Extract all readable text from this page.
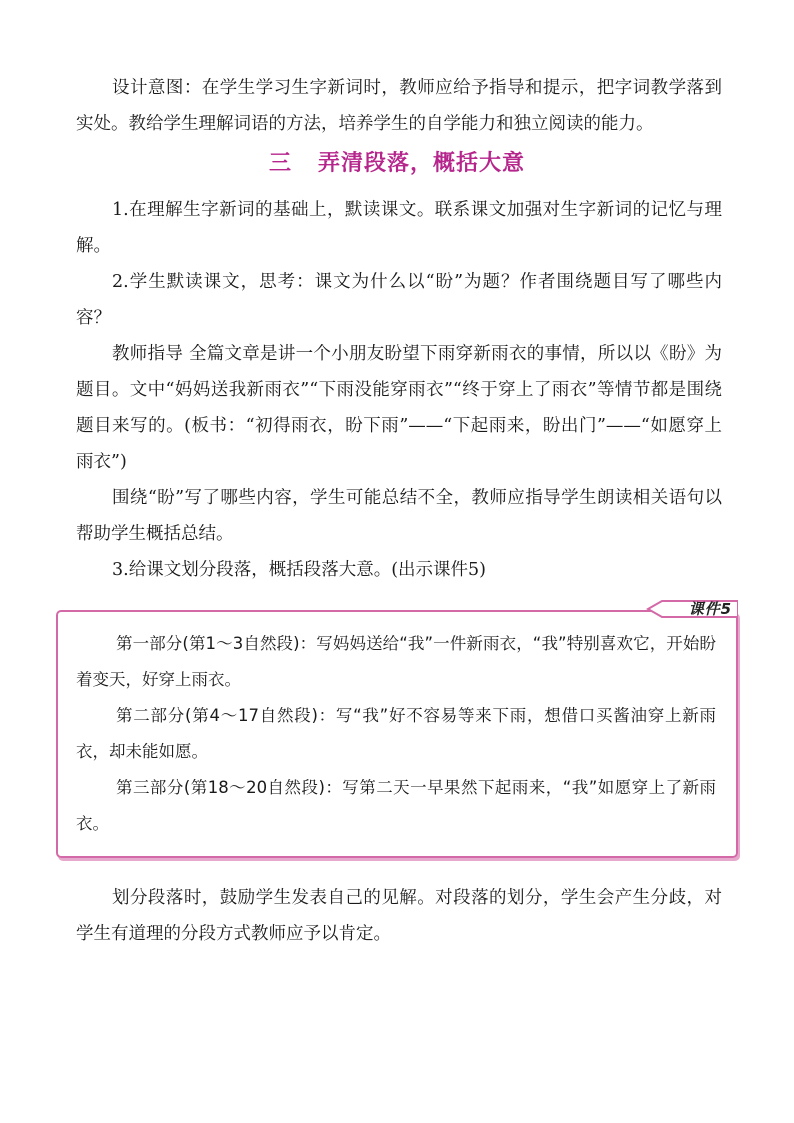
设计意图：在学生学习生字新词时，教师应给予指导和提示，把字词教学落到实处。教给学生理解词语的方法，培养学生的自学能力和独立阅读的能力。

三 弄清段落，概括大意

1.在理解生字新词的基础上，默读课文。联系课文加强对生字新词的记忆与理解。

2.学生默读课文，思考：课文为什么以“盼”为题？作者围绕题目写了哪些内容？

教师指导 全篇文章是讲一个小朋友盼望下雨穿新雨衣的事情，所以以《盼》为题目。文中“妈妈送我新雨衣”“下雨没能穿雨衣”“终于穿上了雨衣”等情节都是围绕题目来写的。(板书：“初得雨衣，盼下雨”——“下起雨来，盼出门”——“如愿穿上雨衣”)

围绕“盼”写了哪些内容，学生可能总结不全，教师应指导学生朗读相关语句以帮助学生概括总结。

3.给课文划分段落，概括段落大意。(出示课件5)

课件5

第一部分(第1～3自然段)：写妈妈送给“我”一件新雨衣，“我”特别喜欢它，开始盼着变天，好穿上雨衣。

第二部分(第4～17自然段)：写“我”好不容易等来下雨，想借口买酱油穿上新雨衣，却未能如愿。

第三部分(第18～20自然段)：写第二天一早果然下起雨来，“我”如愿穿上了新雨衣。

划分段落时，鼓励学生发表自己的见解。对段落的划分，学生会产生分歧，对学生有道理的分段方式教师应予以肯定。
